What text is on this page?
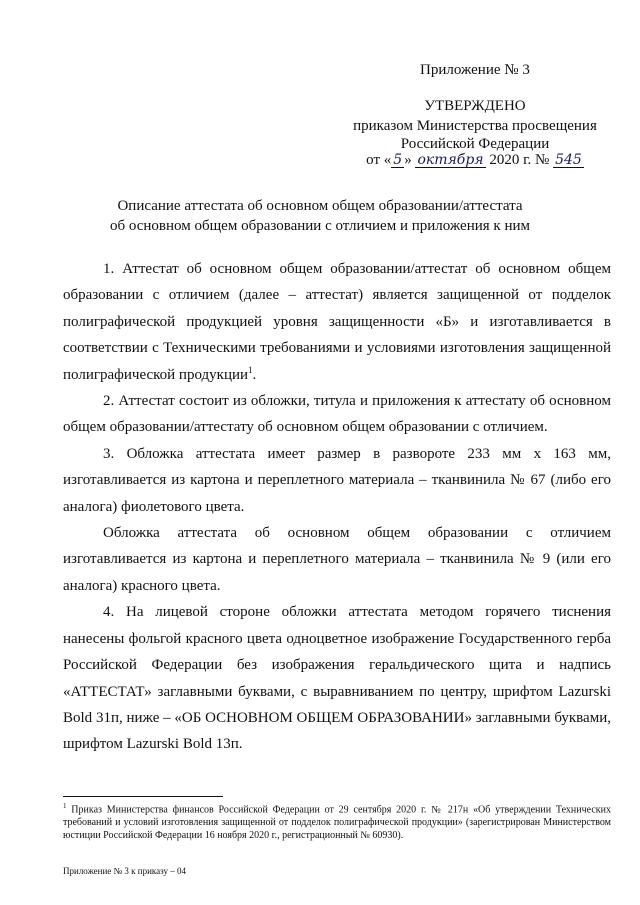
Приложение № 3
УТВЕРЖДЕНО
приказом Министерства просвещения
Российской Федерации
от « 5 » октября 2020 г. № 545
Описание аттестата об основном общем образовании/аттестата
об основном общем образовании с отличием и приложения к ним

1. Аттестат об основном общем образовании/аттестат об основном общем образовании с отличием (далее – аттестат) является защищенной от подделок полиграфической продукцией уровня защищенности «Б» и изготавливается в соответствии с Техническими требованиями и условиями изготовления защищенной полиграфической продукции$^1$.

2. Аттестат состоит из обложки, титула и приложения к аттестату об основном общем образовании/аттестату об основном общем образовании с отличием.

3. Обложка аттестата имеет размер в развороте 233 мм х 163 мм, изготавливается из картона и переплетного материала – тканвинила № 67 (либо его аналога) фиолетового цвета.

Обложка аттестата об основном общем образовании с отличием изготавливается из картона и переплетного материала – тканвинила № 9 (или его аналога) красного цвета.

4. На лицевой стороне обложки аттестата методом горячего тиснения нанесены фольгой красного цвета одноцветное изображение Государственного герба Российской Федерации без изображения геральдического щита и надпись «АТТЕСТАТ» заглавными буквами, с выравниванием по центру, шрифтом Lazurski Bold 31п, ниже – «ОБ ОСНОВНОМ ОБЩЕМ ОБРАЗОВАНИИ» заглавными буквами, шрифтом Lazurski Bold 13п.

$^1$ Приказ Министерства финансов Российской Федерации от 29 сентября 2020 г. № 217н «Об утверждении Технических требований и условий изготовления защищенной от подделок полиграфической продукции» (зарегистрирован Министерством юстиции Российской Федерации 16 ноября 2020 г., регистрационный № 60930).
Приложение № 3 к приказу – 04
